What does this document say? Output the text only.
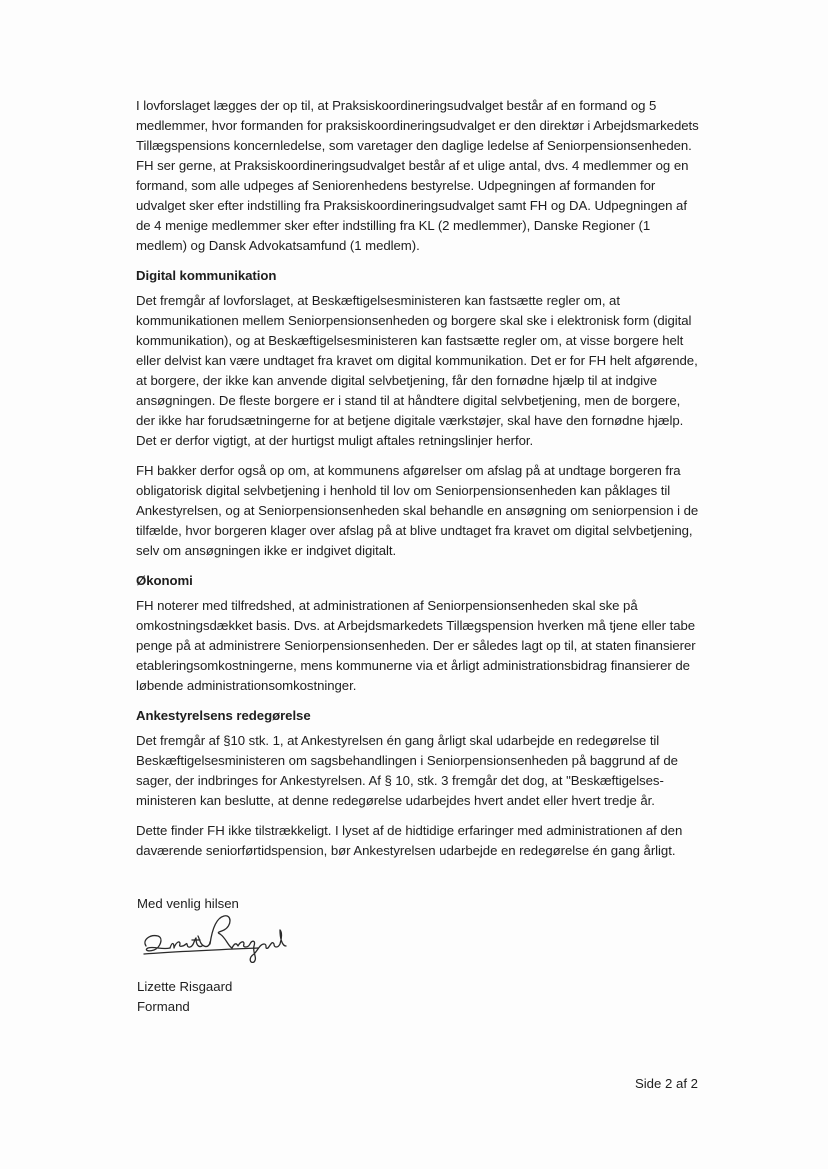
I lovforslaget lægges der op til, at Praksiskoordineringsudvalget består af en formand og 5 medlemmer, hvor formanden for praksiskoordineringsudvalget er den direktør i Arbejdsmarkedets Tillægspensions koncernledelse, som varetager den daglige ledelse af Seniorpensionsenheden. FH ser gerne, at Praksiskoordineringsudvalget består af et ulige antal, dvs. 4 medlemmer og en formand, som alle udpeges af Seniorenhedens bestyrelse. Udpegningen af formanden for udvalget sker efter indstilling fra Praksiskoordineringsudvalget samt FH og DA. Udpegningen af de 4 menige medlemmer sker efter indstilling fra KL (2 medlemmer), Danske Regioner (1 medlem) og Dansk Advokatsamfund (1 medlem).

Digital kommunikation

Det fremgår af lovforslaget, at Beskæftigelsesministeren kan fastsætte regler om, at kommunikationen mellem Seniorpensionsenheden og borgere skal ske i elektronisk form (digital kommunikation), og at Beskæftigelsesministeren kan fastsætte regler om, at visse borgere helt eller delvist kan være undtaget fra kravet om digital kommunikation. Det er for FH helt afgørende, at borgere, der ikke kan anvende digital selvbetjening, får den fornødne hjælp til at indgive ansøgningen. De fleste borgere er i stand til at håndtere digital selvbetjening, men de borgere, der ikke har forudsætningerne for at betjene digitale værkstøjer, skal have den fornødne hjælp. Det er derfor vigtigt, at der hurtigst muligt aftales retningslinjer herfor.

FH bakker derfor også op om, at kommunens afgørelser om afslag på at undtage borgeren fra obligatorisk digital selvbetjening i henhold til lov om Seniorpensionsenheden kan påklages til Ankestyrelsen, og at Seniorpensionsenheden skal behandle en ansøgning om seniorpension i de tilfælde, hvor borgeren klager over afslag på at blive undtaget fra kravet om digital selvbetjening, selv om ansøgningen ikke er indgivet digitalt.

Økonomi

FH noterer med tilfredshed, at administrationen af Seniorpensionsenheden skal ske på omkostningsdækket basis. Dvs. at Arbejdsmarkedets Tillægspension hverken må tjene eller tabe penge på at administrere Seniorpensionsenheden. Der er således lagt op til, at staten finansierer etableringsomkostningerne, mens kommunerne via et årligt administrationsbidrag finansierer de løbende administrationsomkostninger.

Ankestyrelsens redegørelse

Det fremgår af §10 stk. 1, at Ankestyrelsen én gang årligt skal udarbejde en redegørelse til Beskæftigelsesministeren om sagsbehandlingen i Seniorpensionsenheden på baggrund af de sager, der indbringes for Ankestyrelsen. Af § 10, stk. 3 fremgår det dog, at "Beskæftigelses-ministeren kan beslutte, at denne redegørelse udarbejdes hvert andet eller hvert tredje år.

Dette finder FH ikke tilstrækkeligt. I lyset af de hidtidige erfaringer med administrationen af den daværende seniorførtidspension, bør Ankestyrelsen udarbejde en redegørelse én gang årligt.

Med venlig hilsen
Lizette Risgaard
Formand
Side 2 af 2
